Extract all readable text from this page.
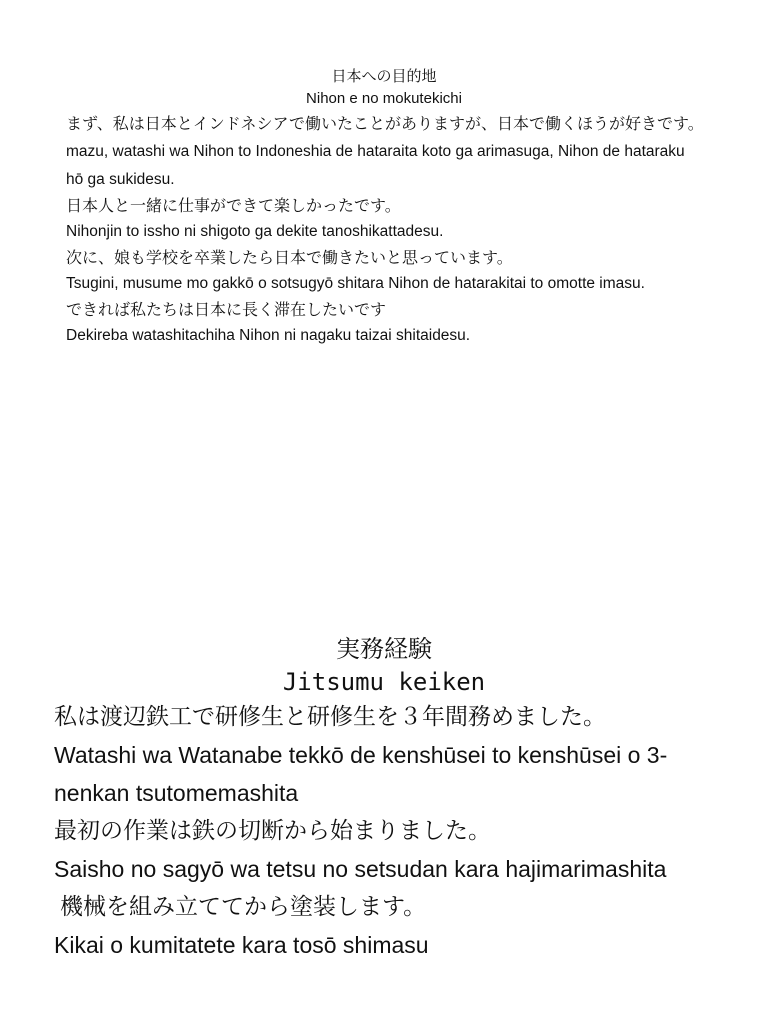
日本への目的地
Nihon e no mokutekichi

まず、私は日本とインドネシアで働いたことがありますが、日本で働くほうが好きです。 mazu, watashi wa Nihon to Indoneshia de hataraita koto ga arimasuga, Nihon de hataraku hō ga sukidesu.

日本人と一緒に仕事ができて楽しかったです。

Nihonjin to issho ni shigoto ga dekite tanoshikattadesu.

次に、娘も学校を卒業したら日本で働きたいと思っています。

Tsugini, musume mo gakkō o sotsugyō shitara Nihon de hatarakitai to omotte imasu.

できれば私たちは日本に長く滞在したいです

Dekireba watashitachiha Nihon ni nagaku taizai shitaidesu.

実務経験
Jitsumu keiken

私は渡辺鉄工で研修生と研修生を３年間務めました。

Watashi wa Watanabe tekkō de kenshūsei to kenshūsei o 3-nenkan tsutomemashita

最初の作業は鉄の切断から始まりました。

Saisho no sagyō wa tetsu no setsudan kara hajimarimashita

機械を組み立ててから塗装します。

Kikai o kumitatete kara tosō shimasu
